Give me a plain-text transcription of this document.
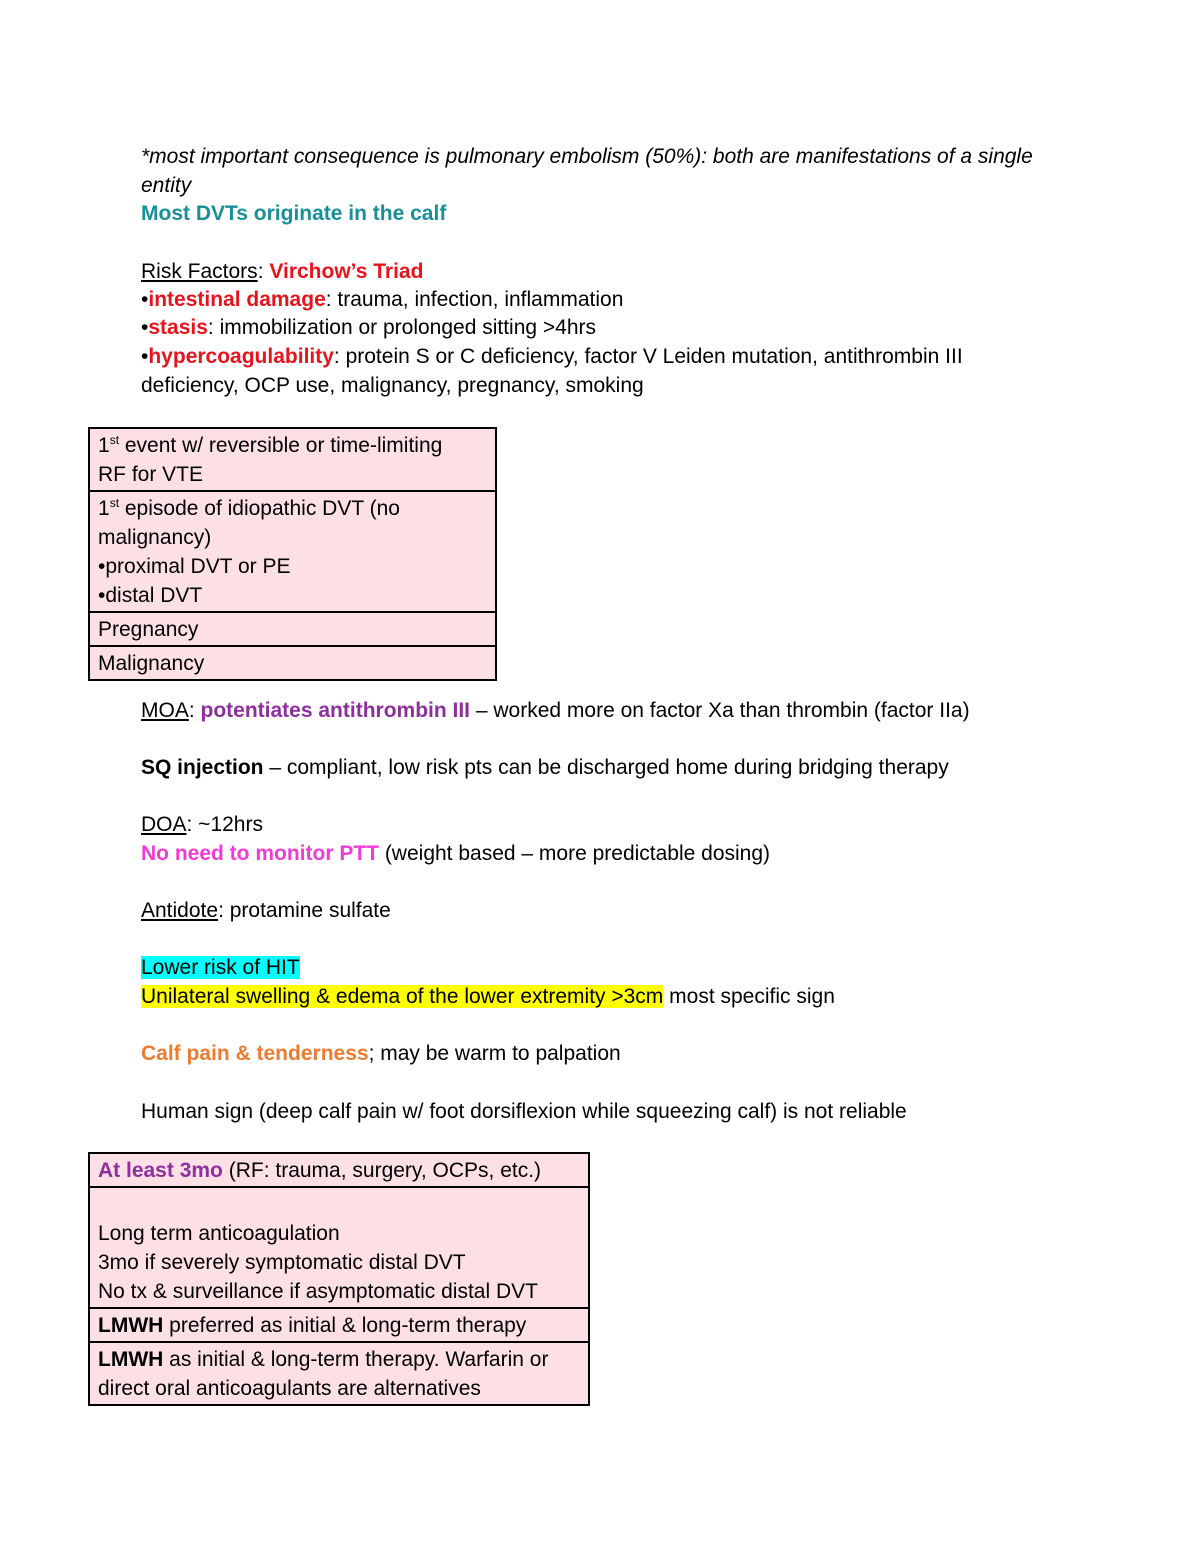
*most important consequence is pulmonary embolism (50%): both are manifestations of a single
entity
Most DVTs originate in the calf
Risk Factors: Virchow’s Triad
•intestinal damage: trauma, infection, inflammation
•stasis: immobilization or prolonged sitting >4hrs
•hypercoagulability: protein S or C deficiency, factor V Leiden mutation, antithrombin III
deficiency, OCP use, malignancy, pregnancy, smoking
1st event w/ reversible or time-limiting
RF for VTE

1st episode of idiopathic DVT (no
malignancy)
•proximal DVT or PE
•distal DVT

Pregnancy

Malignancy
MOA: potentiates antithrombin III – worked more on factor Xa than thrombin (factor IIa)
SQ injection – compliant, low risk pts can be discharged home during bridging therapy
DOA: ~12hrs
No need to monitor PTT (weight based – more predictable dosing)
Antidote: protamine sulfate
Lower risk of HIT
Unilateral swelling & edema of the lower extremity >3cm most specific sign
Calf pain & tenderness; may be warm to palpation
Human sign (deep calf pain w/ foot dorsiflexion while squeezing calf) is not reliable
At least 3mo (RF: trauma, surgery, OCPs, etc.)

Long term anticoagulation
3mo if severely symptomatic distal DVT
No tx & surveillance if asymptomatic distal DVT

LMWH preferred as initial & long-term therapy

LMWH as initial & long-term therapy. Warfarin or
direct oral anticoagulants are alternatives
